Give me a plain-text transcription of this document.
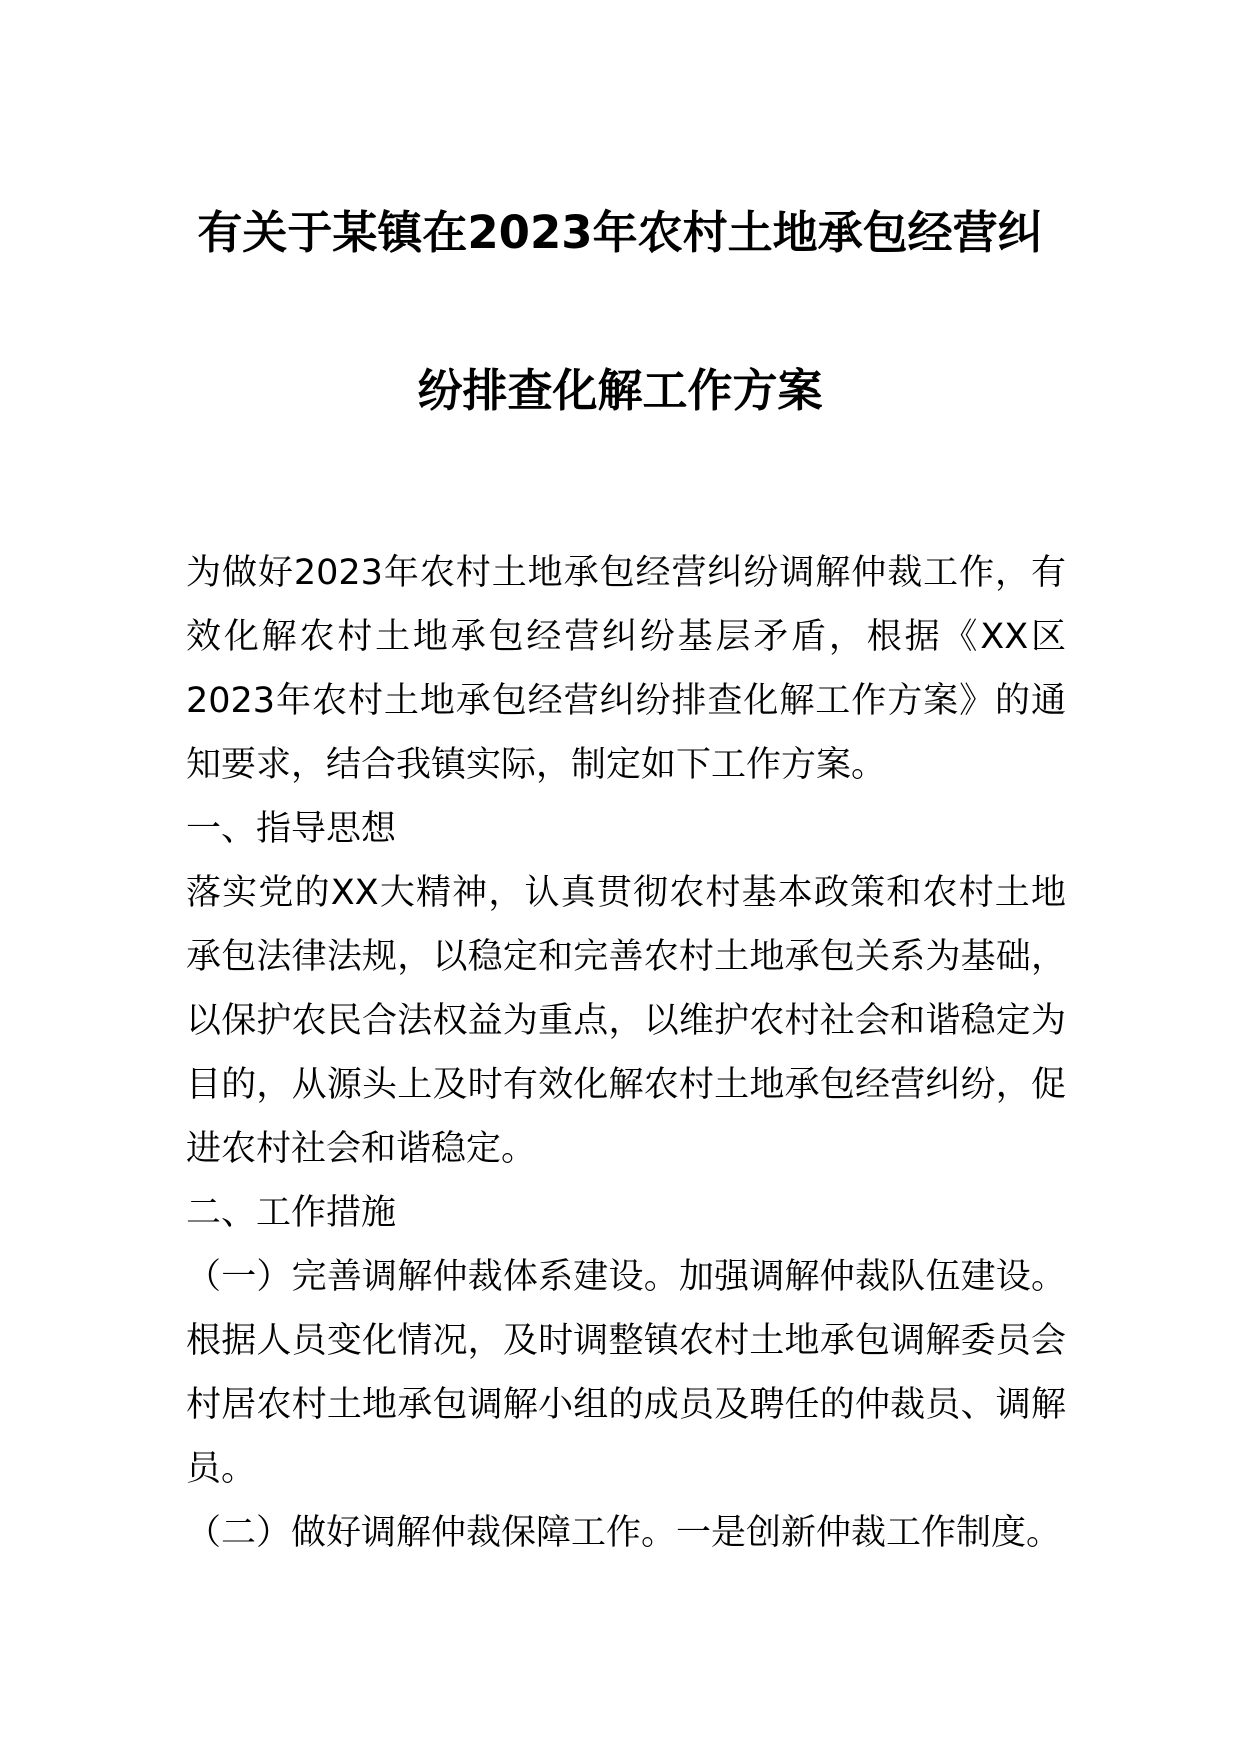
有关于某镇在2023年农村土地承包经营纠
纷排查化解工作方案

为做好2023年农村土地承包经营纠纷调解仲裁工作，有效化解农村土地承包经营纠纷基层矛盾，根据《XX区2023年农村土地承包经营纠纷排查化解工作方案》的通知要求，结合我镇实际，制定如下工作方案。

一、指导思想

落实党的XX大精神，认真贯彻农村基本政策和农村土地承包法律法规，以稳定和完善农村土地承包关系为基础，以保护农民合法权益为重点，以维护农村社会和谐稳定为目的，从源头上及时有效化解农村土地承包经营纠纷，促进农村社会和谐稳定。

二、工作措施

（一）完善调解仲裁体系建设。加强调解仲裁队伍建设。根据人员变化情况，及时调整镇农村土地承包调解委员会村居农村土地承包调解小组的成员及聘任的仲裁员、调解员。

（二）做好调解仲裁保障工作。一是创新仲裁工作制度。
